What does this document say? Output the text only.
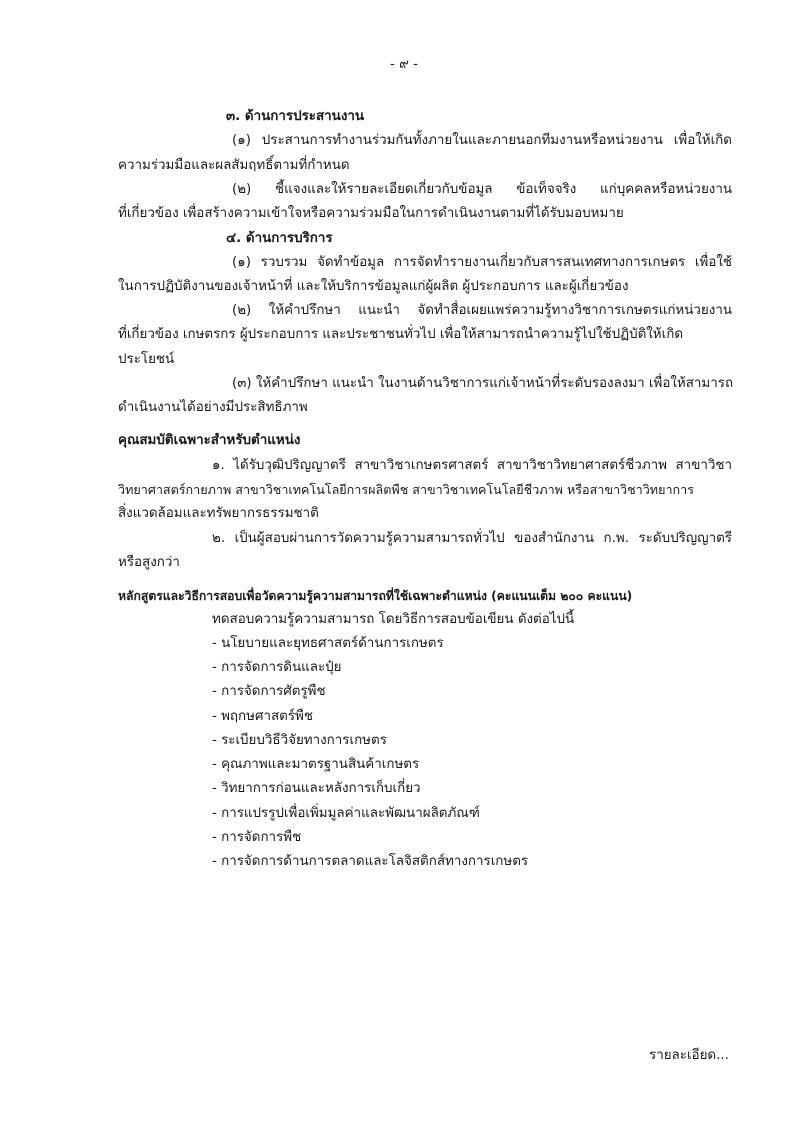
- ๙ -
๓. ด้านการประสานงาน
(๑) ประสานการทำงานร่วมกันทั้งภายในและภายนอกทีมงานหรือหน่วยงาน เพื่อให้เกิด
ความร่วมมือและผลสัมฤทธิ์ตามที่กำหนด
(๒) ชี้แจงและให้รายละเอียดเกี่ยวกับข้อมูล ข้อเท็จจริง แก่บุคคลหรือหน่วยงาน
ที่เกี่ยวข้อง เพื่อสร้างความเข้าใจหรือความร่วมมือในการดำเนินงานตามที่ได้รับมอบหมาย
๔. ด้านการบริการ
(๑) รวบรวม จัดทำข้อมูล การจัดทำรายงานเกี่ยวกับสารสนเทศทางการเกษตร เพื่อใช้
ในการปฏิบัติงานของเจ้าหน้าที่ และให้บริการข้อมูลแก่ผู้ผลิต ผู้ประกอบการ และผู้เกี่ยวข้อง
(๒) ให้คำปรึกษา แนะนำ จัดทำสื่อเผยแพร่ความรู้ทางวิชาการเกษตรแก่หน่วยงาน
ที่เกี่ยวข้อง เกษตรกร ผู้ประกอบการ และประชาชนทั่วไป เพื่อให้สามารถนำความรู้ไปใช้ปฏิบัติให้เกิด
ประโยชน์
(๓) ให้คำปรึกษา แนะนำ ในงานด้านวิชาการแก่เจ้าหน้าที่ระดับรองลงมา เพื่อให้สามารถ
ดำเนินงานได้อย่างมีประสิทธิภาพ
คุณสมบัติเฉพาะสำหรับตำแหน่ง
๑. ได้รับวุฒิปริญญาตรี สาขาวิชาเกษตรศาสตร์ สาขาวิชาวิทยาศาสตร์ชีวภาพ สาขาวิชา
วิทยาศาสตร์กายภาพ สาขาวิชาเทคโนโลยีการผลิตพืช สาขาวิชาเทคโนโลยีชีวภาพ หรือสาขาวิชาวิทยาการ
สิ่งแวดล้อมและทรัพยากรธรรมชาติ
๒. เป็นผู้สอบผ่านการวัดความรู้ความสามารถทั่วไป ของสำนักงาน ก.พ. ระดับปริญญาตรี
หรือสูงกว่า
หลักสูตรและวิธีการสอบเพื่อวัดความรู้ความสามารถที่ใช้เฉพาะตำแหน่ง (คะแนนเต็ม ๒๐๐ คะแนน)
ทดสอบความรู้ความสามารถ โดยวิธีการสอบข้อเขียน ดังต่อไปนี้
- นโยบายและยุทธศาสตร์ด้านการเกษตร
- การจัดการดินและปุ๋ย
- การจัดการศัตรูพืช
- พฤกษศาสตร์พืช
- ระเบียบวิธีวิจัยทางการเกษตร
- คุณภาพและมาตรฐานสินค้าเกษตร
- วิทยาการก่อนและหลังการเก็บเกี่ยว
- การแปรรูปเพื่อเพิ่มมูลค่าและพัฒนาผลิตภัณฑ์
- การจัดการพืช
- การจัดการด้านการตลาดและโลจิสติกส์ทางการเกษตร
รายละเอียด...
